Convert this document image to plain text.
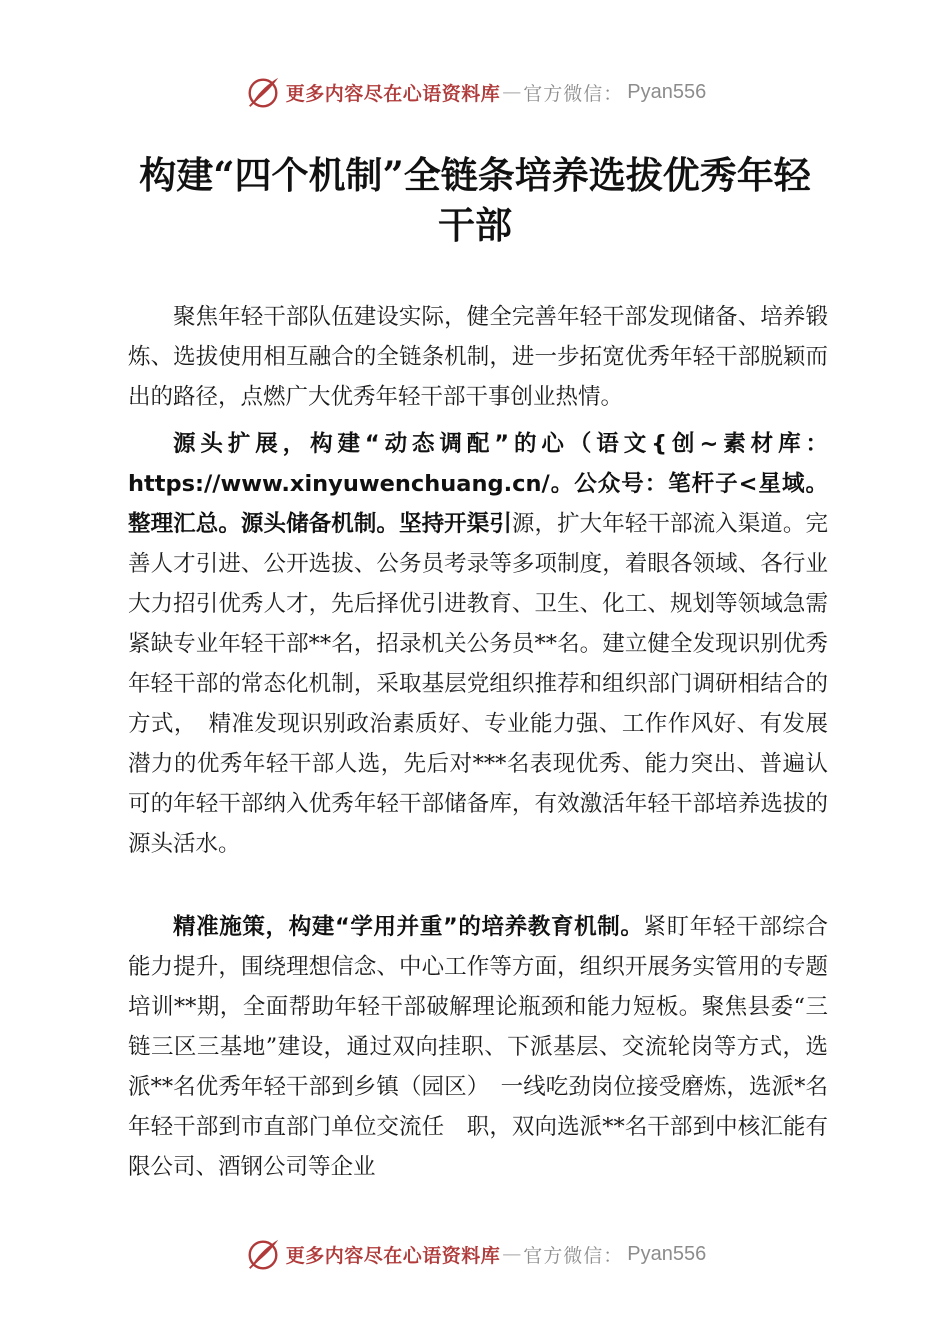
更多内容尽在心语资料库 — 官方微信： Pyan556
构建“四个机制”全链条培养选拔优秀年轻干部
聚焦年轻干部队伍建设实际，健全完善年轻干部发现储备、培养锻炼、选拔使用相互融合的全链条机制，进一步拓宽优秀年轻干部脱颖而出的路径，点燃广大优秀年轻干部干事创业热情。
源头扩展，构建“动态调配”的心（语文{创~素材库：https://www.xinyuwenchuang.cn/。公众号：笔杆子<星域。整理汇总。源头储备机制。坚持开渠引源，扩大年轻干部流入渠道。完善人才引进、公开选拔、公务员考录等多项制度，着眼各领域、各行业大力招引优秀人才，先后择优引进教育、卫生、化工、规划等领域急需紧缺专业年轻干部**名，招录机关公务员**名。建立健全发现识别优秀年轻干部的常态化机制，采取基层党组织推荐和组织部门调研相结合的方式，　精准发现识别政治素质好、专业能力强、工作作风好、有发展潜力的优秀年轻干部人选，先后对***名表现优秀、能力突出、普遍认可的年轻干部纳入优秀年轻干部储备库，有效激活年轻干部培养选拔的源头活水。
精准施策，构建“学用并重”的培养教育机制。紧盯年轻干部综合能力提升，围绕理想信念、中心工作等方面，组织开展务实管用的专题培训**期，全面帮助年轻干部破解理论瓶颈和能力短板。聚焦县委“三链三区三基地”建设，通过双向挂职、下派基层、交流轮岗等方式，选派**名优秀年轻干部到乡镇（园区）　一线吃劲岗位接受磨炼，选派*名年轻干部到市直部门单位交流任　职，双向选派**名干部到中核汇能有限公司、酒钢公司等企业
更多内容尽在心语资料库 — 官方微信： Pyan556
